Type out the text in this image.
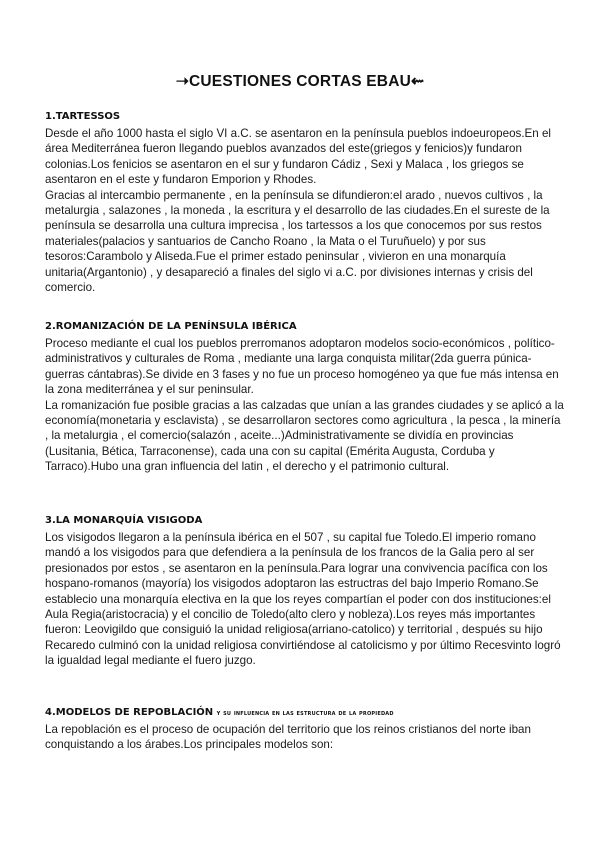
➝CUESTIONES CORTAS EBAU⇜
1.TARTESSOS

Desde el año 1000 hasta el siglo VI a.C. se asentaron en la península pueblos indoeuropeos.En el área Mediterránea fueron llegando pueblos avanzados del este(griegos y fenicios)y fundaron colonias.Los fenicios se asentaron en el sur y fundaron Cádiz , Sexi y Malaca , los griegos se asentaron en el este y fundaron Emporion y Rhodes.

Gracias al intercambio permanente , en la península se difundieron:el arado , nuevos cultivos , la metalurgia , salazones , la moneda , la escritura y el desarrollo de las ciudades.En el sureste de la península se desarrolla una cultura imprecisa , los tartessos a los que conocemos por sus restos materiales(palacios y santuarios de Cancho Roano , la Mata o el Turuñuelo) y por sus tesoros:Carambolo y Aliseda.Fue el primer estado peninsular , vivieron en una monarquía unitaria(Argantonio) , y desapareció a finales del siglo vi a.C. por divisiones internas y crisis del comercio.

2.ROMANIZACIÓN DE LA PENÍNSULA IBÉRICA

Proceso mediante el cual los pueblos prerromanos adoptaron modelos socio-económicos , político-administrativos y culturales de Roma , mediante una larga conquista militar(2da guerra púnica-guerras cántabras).Se divide en 3 fases y no fue un proceso homogéneo ya que fue más intensa en la zona mediterránea y el sur peninsular.

La romanización fue posible gracias a las calzadas que unían a las grandes ciudades y se aplicó a la economía(monetaria y esclavista) , se desarrollaron sectores como agricultura , la pesca , la minería , la metalurgia , el comercio(salazón , aceite...)Administrativamente se dividía en provincias (Lusitania, Bética, Tarraconense), cada una con su capital (Emérita Augusta, Corduba y Tarraco).Hubo una gran influencia del latin , el derecho y el patrimonio cultural.

3.LA MONARQUÍA VISIGODA

Los visigodos llegaron a la península ibérica en el 507 , su capital fue Toledo.El imperio romano mandó a los visigodos para que defendiera a la península de los francos de la Galia pero al ser presionados por estos , se asentaron en la península.Para lograr una convivencia pacífica con los hospano-romanos (mayoría) los visigodos adoptaron las estructras del bajo Imperio Romano.Se establecio una monarquía electiva en la que los reyes compartían el poder con dos instituciones:el Aula Regia(aristocracia) y el concilio de Toledo(alto clero y nobleza).Los reyes más importantes fueron: Leovigildo que consiguió la unidad religiosa(arriano-catolico) y territorial , después su hijo Recaredo culminó con la unidad religiosa convirtiéndose al catolicismo y por último Recesvinto logró la igualdad legal mediante el fuero juzgo.

4.MODELOS DE REPOBLACIÓN y su influencia en las estructura de la propiedad

La repoblación es el proceso de ocupación del territorio que los reinos cristianos del norte iban conquistando a los árabes.Los principales modelos son:
